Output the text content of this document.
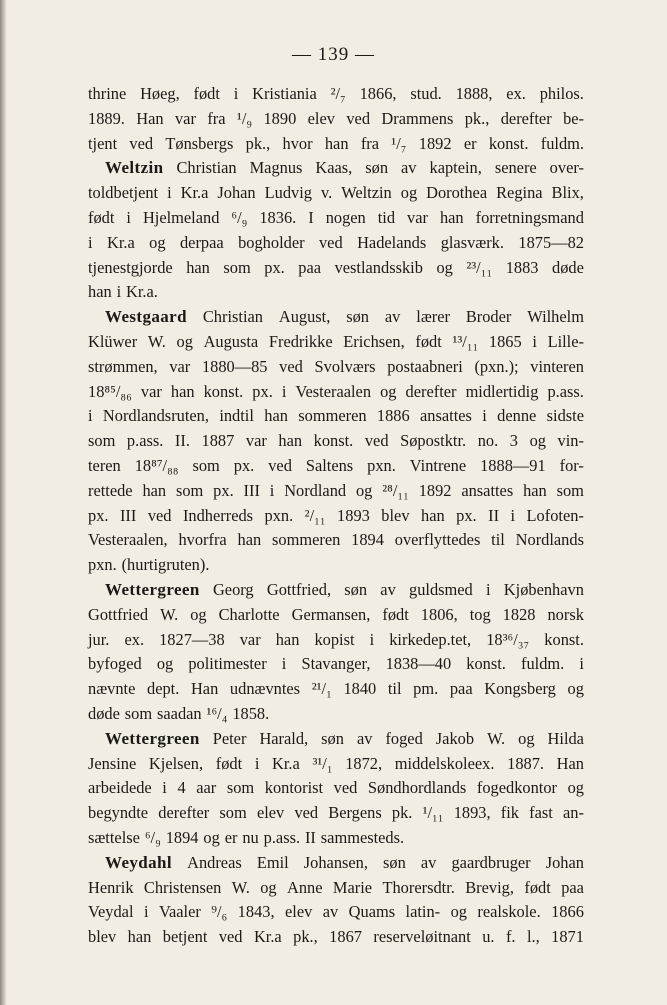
— 139 —
thrine Høeg, født i Kristiania ²/₇ 1866, stud. 1888, ex. philos.
1889. Han var fra ¹/₉ 1890 elev ved Drammens pk., derefter be-
tjent ved Tønsbergs pk., hvor han fra ¹/₇ 1892 er konst. fuldm.
Weltzin Christian Magnus Kaas, søn av kaptein, senere over-
toldbetjent i Kr.a Johan Ludvig v. Weltzin og Dorothea Regina Blix,
født i Hjelmeland ⁶/₉ 1836. I nogen tid var han forretningsmand
i Kr.a og derpaa bogholder ved Hadelands glasværk. 1875—82
tjenestgjorde han som px. paa vestlandsskib og ²³/₁₁ 1883 døde
han i Kr.a.
Westgaard Christian August, søn av lærer Broder Wilhelm
Klüwer W. og Augusta Fredrikke Erichsen, født ¹³/₁₁ 1865 i Lille-
strømmen, var 1880—85 ved Svolværs postaabneri (pxn.); vinteren
18⁸⁵/₈₆ var han konst. px. i Vesteraalen og derefter midlertidig p.ass.
i Nordlandsruten, indtil han sommeren 1886 ansattes i denne sidste
som p.ass. II. 1887 var han konst. ved Søpostktr. no. 3 og vin-
teren 18⁸⁷/₈₈ som px. ved Saltens pxn. Vintrene 1888—91 for-
rettede han som px. III i Nordland og ²⁸/₁₁ 1892 ansattes han som
px. III ved Indherreds pxn. ²/₁₁ 1893 blev han px. II i Lofoten-
Vesteraalen, hvorfra han sommeren 1894 overflyttedes til Nordlands
pxn. (hurtigruten).
Wettergreen Georg Gottfried, søn av guldsmed i Kjøbenhavn
Gottfried W. og Charlotte Germansen, født 1806, tog 1828 norsk
jur. ex. 1827—38 var han kopist i kirkedep.tet, 18³⁶/₃₇ konst.
byfoged og politimester i Stavanger, 1838—40 konst. fuldm. i
nævnte dept. Han udnævntes ²¹/₁ 1840 til pm. paa Kongsberg og
døde som saadan ¹⁶/₄ 1858.
Wettergreen Peter Harald, søn av foged Jakob W. og Hilda
Jensine Kjelsen, født i Kr.a ³¹/₁ 1872, middelskoleex. 1887. Han
arbeidede i 4 aar som kontorist ved Søndhordlands fogedkontor og
begyndte derefter som elev ved Bergens pk. ¹/₁₁ 1893, fik fast an-
sættelse ⁶/₉ 1894 og er nu p.ass. II sammesteds.
Weydahl Andreas Emil Johansen, søn av gaardbruger Johan
Henrik Christensen W. og Anne Marie Thorersdtr. Brevig, født paa
Veydal i Vaaler ⁹/₆ 1843, elev av Quams latin- og realskole. 1866
blev han betjent ved Kr.a pk., 1867 reserveløitnant u. f. l., 1871
